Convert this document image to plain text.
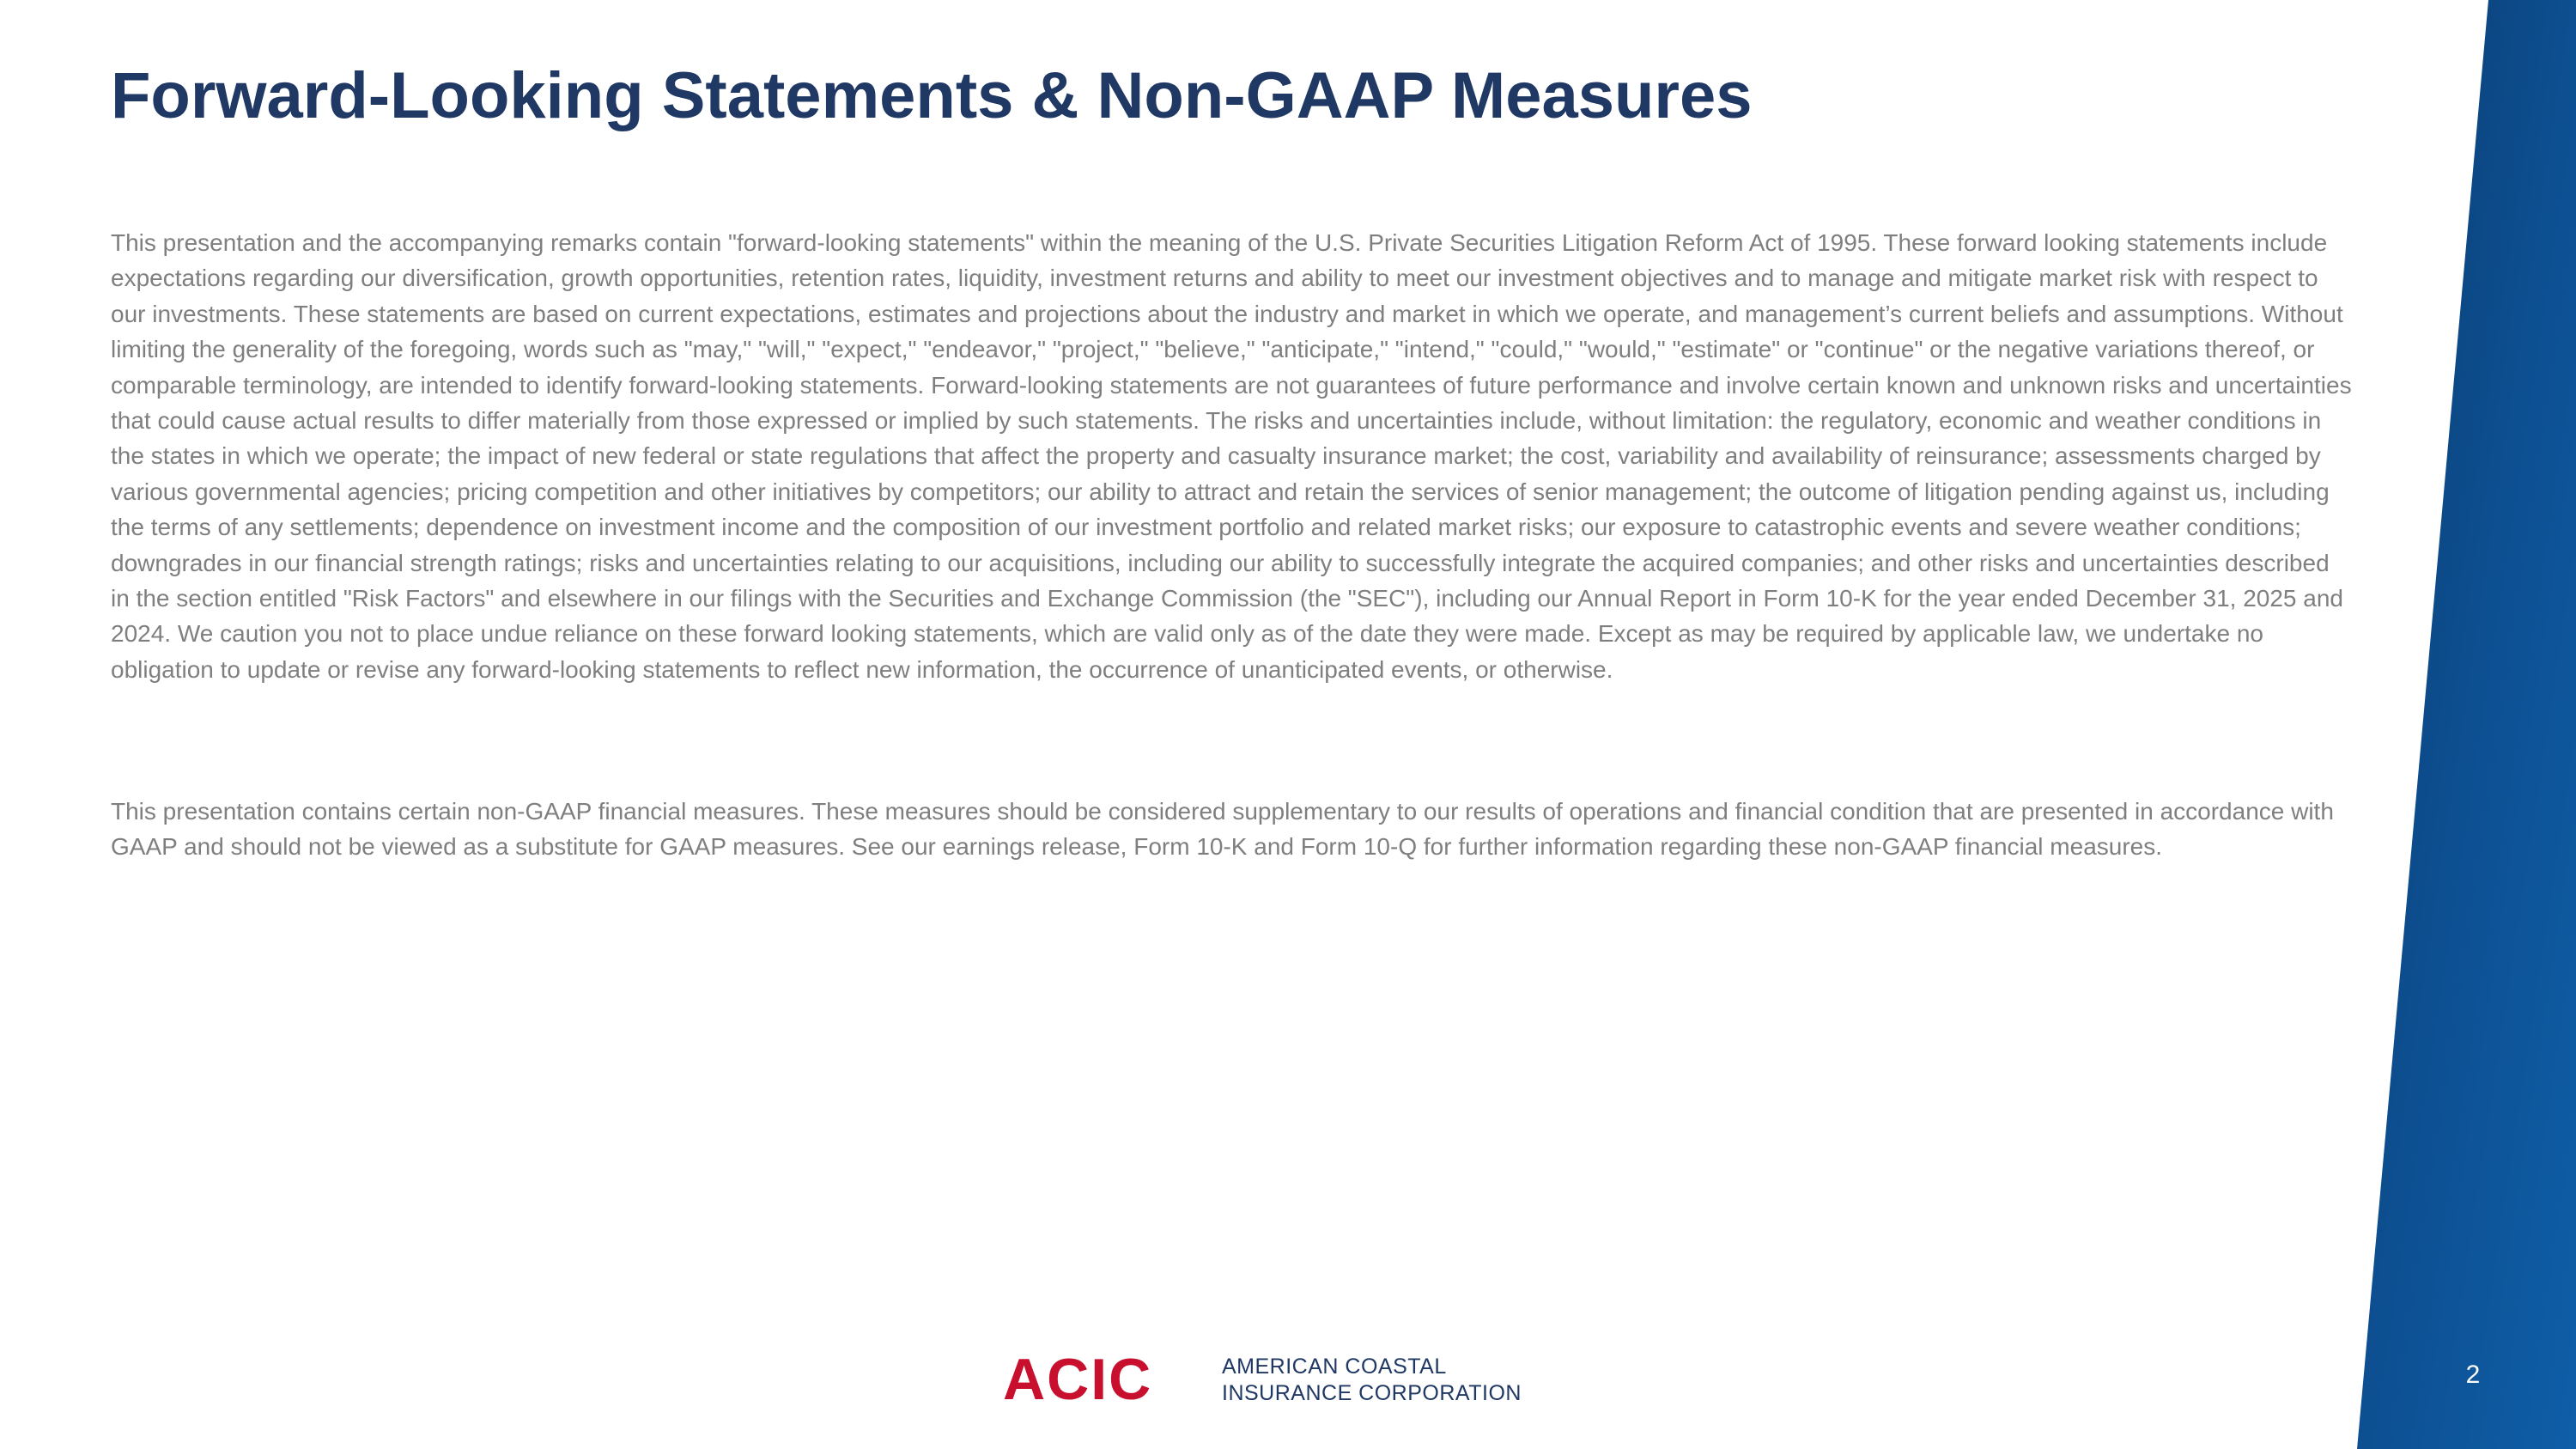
Forward-Looking Statements & Non-GAAP Measures

This presentation and the accompanying remarks contain "forward-looking statements" within the meaning of the U.S. Private Securities Litigation Reform Act of 1995. These forward looking statements include expectations regarding our diversification, growth opportunities, retention rates, liquidity, investment returns and ability to meet our investment objectives and to manage and mitigate market risk with respect to our investments. These statements are based on current expectations, estimates and projections about the industry and market in which we operate, and management’s current beliefs and assumptions. Without limiting the generality of the foregoing, words such as "may," "will," "expect," "endeavor," "project," "believe," "anticipate," "intend," "could," "would," "estimate" or "continue" or the negative variations thereof, or comparable terminology, are intended to identify forward-looking statements. Forward-looking statements are not guarantees of future performance and involve certain known and unknown risks and uncertainties that could cause actual results to differ materially from those expressed or implied by such statements. The risks and uncertainties include, without limitation: the regulatory, economic and weather conditions in the states in which we operate; the impact of new federal or state regulations that affect the property and casualty insurance market; the cost, variability and availability of reinsurance; assessments charged by various governmental agencies; pricing competition and other initiatives by competitors; our ability to attract and retain the services of senior management; the outcome of litigation pending against us, including the terms of any settlements; dependence on investment income and the composition of our investment portfolio and related market risks; our exposure to catastrophic events and severe weather conditions; downgrades in our financial strength ratings; risks and uncertainties relating to our acquisitions, including our ability to successfully integrate the acquired companies; and other risks and uncertainties described in the section entitled "Risk Factors" and elsewhere in our filings with the Securities and Exchange Commission (the "SEC"), including our Annual Report in Form 10-K for the year ended December 31, 2025 and 2024. We caution you not to place undue reliance on these forward looking statements, which are valid only as of the date they were made. Except as may be required by applicable law, we undertake no obligation to update or revise any forward-looking statements to reflect new information, the occurrence of unanticipated events, or otherwise.

This presentation contains certain non-GAAP financial measures. These measures should be considered supplementary to our results of operations and financial condition that are presented in accordance with GAAP and should not be viewed as a substitute for GAAP measures. See our earnings release, Form 10-K and Form 10-Q for further information regarding these non-GAAP financial measures.

ACIC	AMERICAN COASTAL
INSURANCE CORPORATION
2
